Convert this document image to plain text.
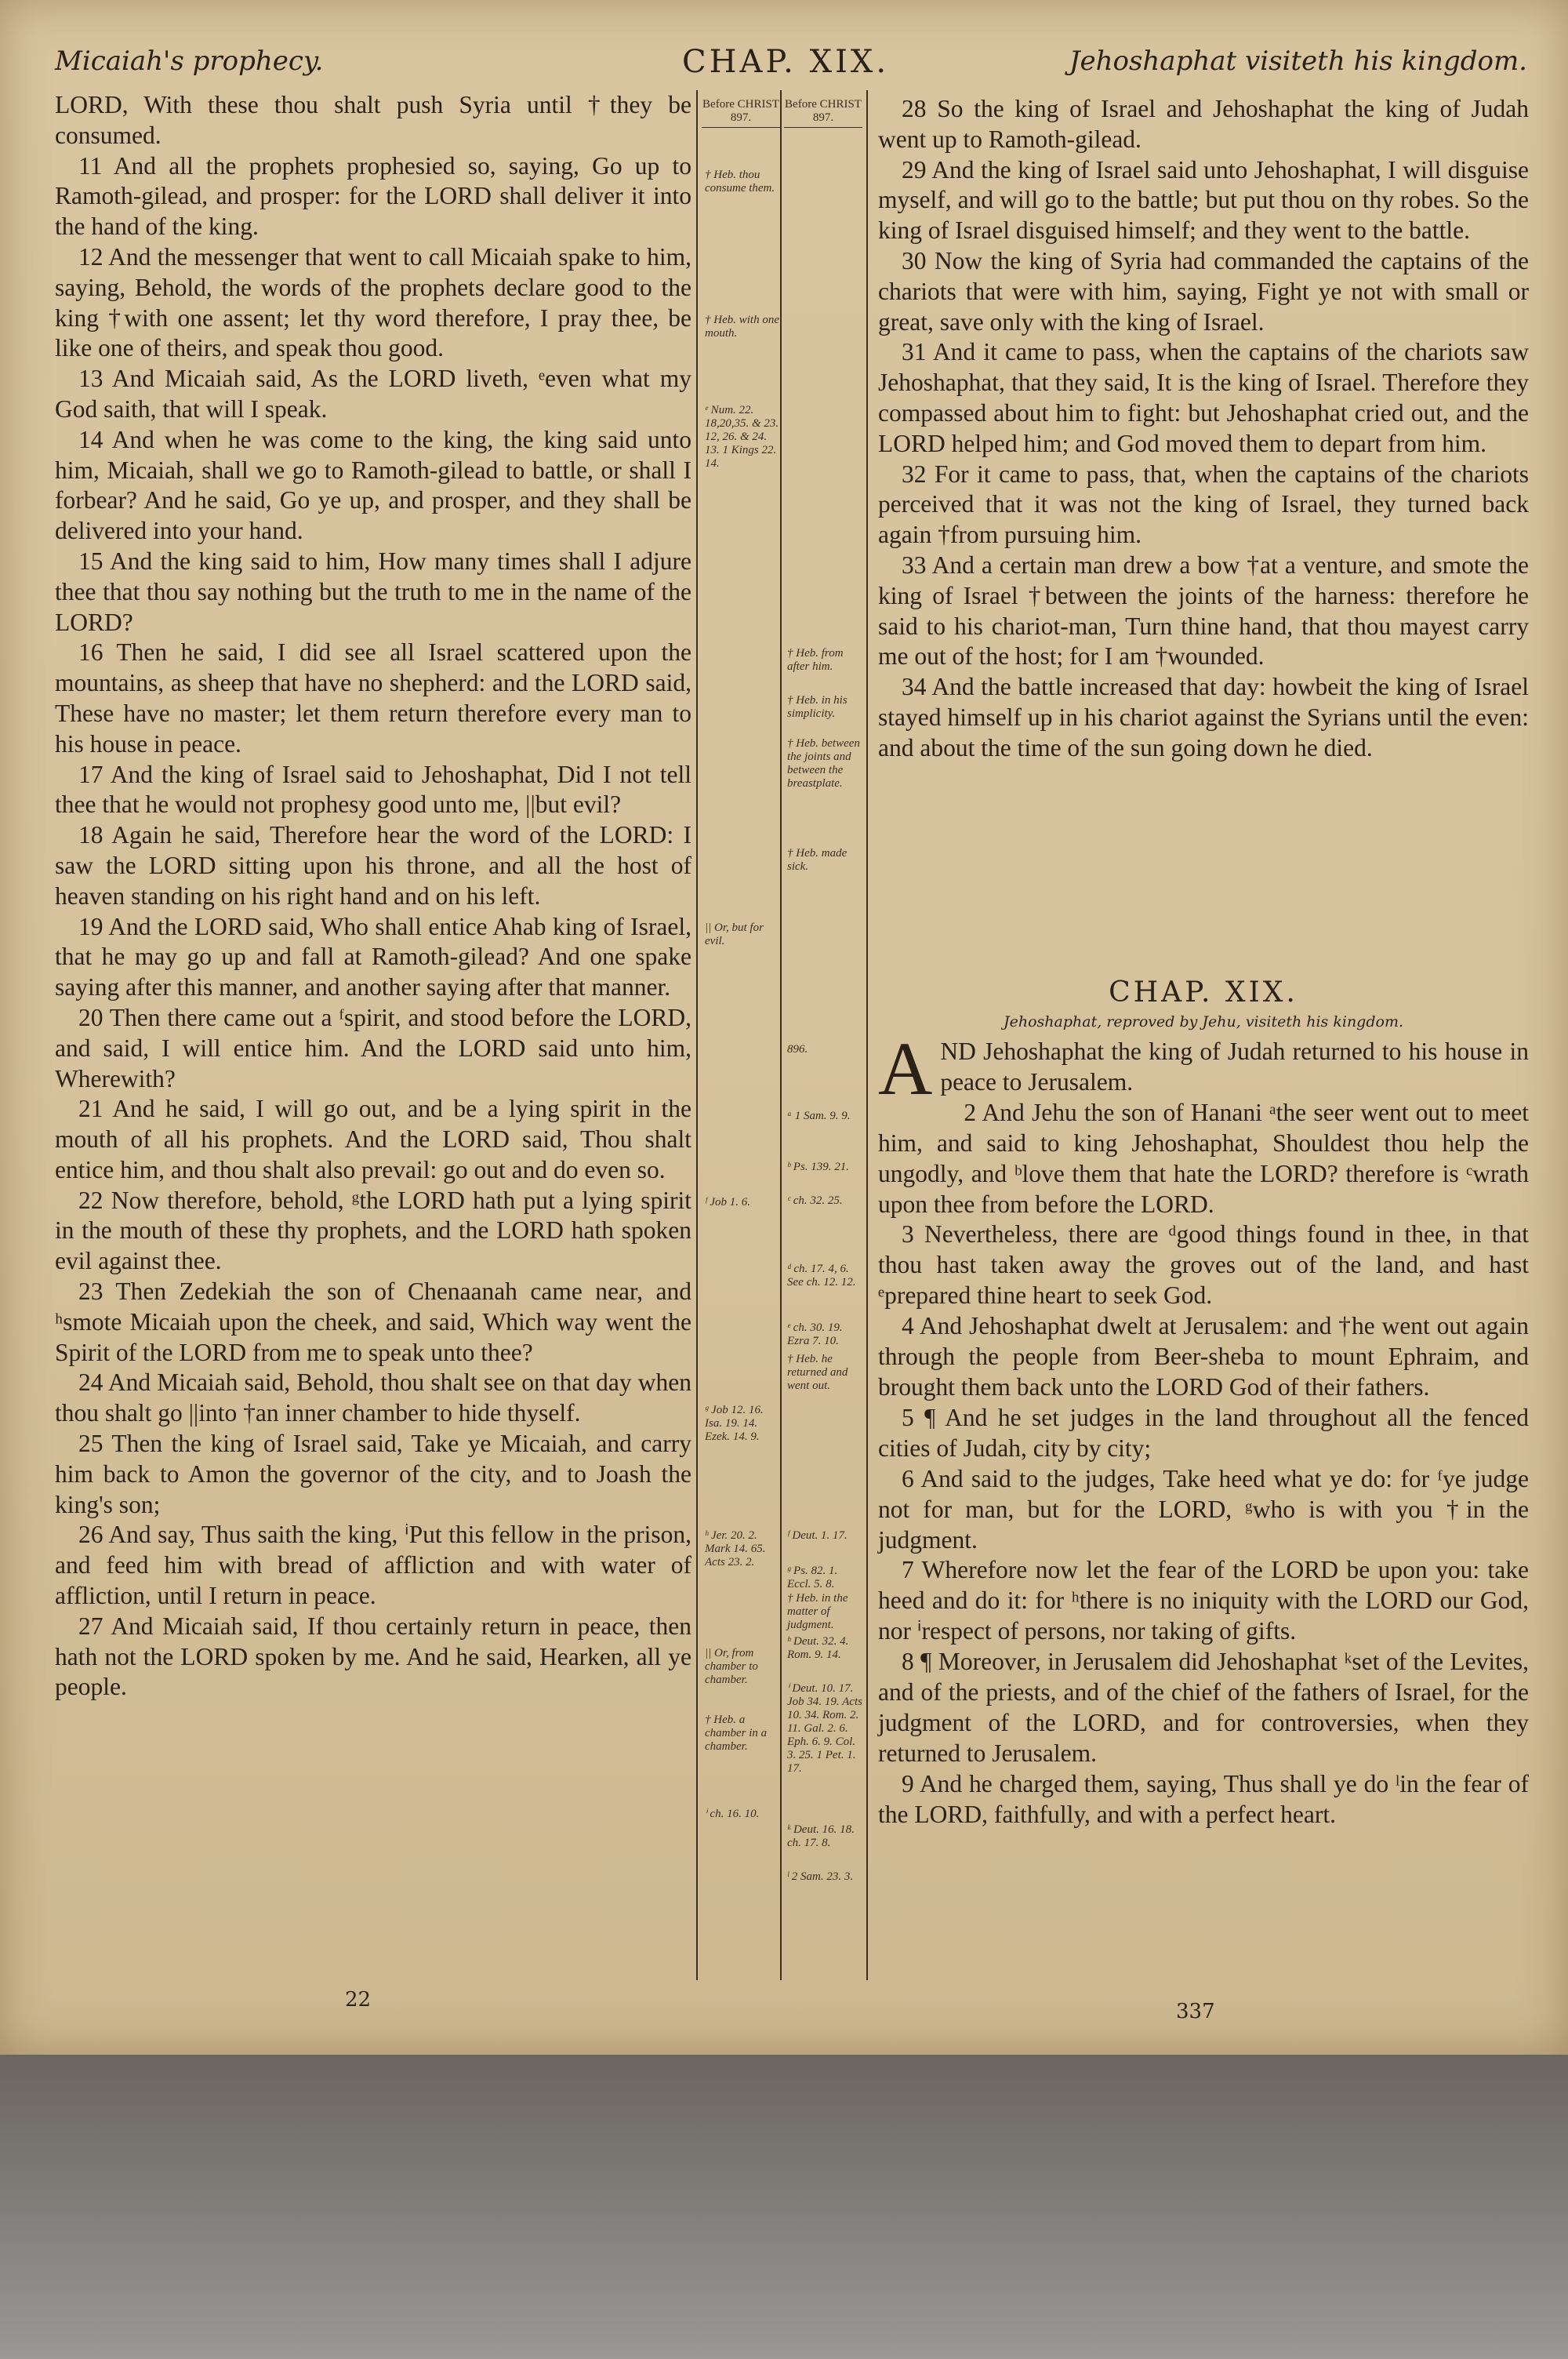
Micaiah's prophecy.	CHAP. XIX.	Jehoshaphat visiteth his kingdom.

LORD, With these thou shalt push Syria until †they be consumed.

11 And all the prophets prophesied so, saying, Go up to Ramoth-gilead, and prosper: for the LORD shall deliver it into the hand of the king.

12 And the messenger that went to call Micaiah spake to him, saying, Behold, the words of the prophets declare good to the king †with one assent; let thy word therefore, I pray thee, be like one of theirs, and speak thou good.

13 And Micaiah said, As the LORD liveth, ᵉeven what my God saith, that will I speak.

14 And when he was come to the king, the king said unto him, Micaiah, shall we go to Ramoth-gilead to battle, or shall I forbear? And he said, Go ye up, and prosper, and they shall be delivered into your hand.

15 And the king said to him, How many times shall I adjure thee that thou say nothing but the truth to me in the name of the LORD?

16 Then he said, I did see all Israel scattered upon the mountains, as sheep that have no shepherd: and the LORD said, These have no master; let them return therefore every man to his house in peace.

17 And the king of Israel said to Jehoshaphat, Did I not tell thee that he would not prophesy good unto me, ||but evil?

18 Again he said, Therefore hear the word of the LORD: I saw the LORD sitting upon his throne, and all the host of heaven standing on his right hand and on his left.

19 And the LORD said, Who shall entice Ahab king of Israel, that he may go up and fall at Ramoth-gilead? And one spake saying after this manner, and another saying after that manner.

20 Then there came out a ᶠspirit, and stood before the LORD, and said, I will entice him. And the LORD said unto him, Wherewith?

21 And he said, I will go out, and be a lying spirit in the mouth of all his prophets. And the LORD said, Thou shalt entice him, and thou shalt also prevail: go out and do even so.

22 Now therefore, behold, ᵍthe LORD hath put a lying spirit in the mouth of these thy prophets, and the LORD hath spoken evil against thee.

23 Then Zedekiah the son of Chenaanah came near, and ʰsmote Micaiah upon the cheek, and said, Which way went the Spirit of the LORD from me to speak unto thee?

24 And Micaiah said, Behold, thou shalt see on that day when thou shalt go ||into †an inner chamber to hide thyself.

25 Then the king of Israel said, Take ye Micaiah, and carry him back to Amon the governor of the city, and to Joash the king's son;

26 And say, Thus saith the king, ⁱPut this fellow in the prison, and feed him with bread of affliction and with water of affliction, until I return in peace.

27 And Micaiah said, If thou certainly return in peace, then hath not the LORD spoken by me. And he said, Hearken, all ye people.

Before CHRIST 897.
† Heb. thou consume them.
† Heb. with one mouth.
ᵉ Num. 22. 18,20,35. & 23. 12, 26. & 24. 13. 1 Kings 22. 14.
|| Or, but for evil.
ᶠ Job 1. 6.
ᵍ Job 12. 16. Isa. 19. 14. Ezek. 14. 9.
ʰ Jer. 20. 2. Mark 14. 65. Acts 23. 2.
|| Or, from chamber to chamber.
† Heb. a chamber in a chamber.
ⁱ ch. 16. 10.
Before CHRIST 897.
† Heb. from after him.
† Heb. in his simplicity.
† Heb. between the joints and between the breastplate.
† Heb. made sick.
896.
ᵃ 1 Sam. 9. 9.
ᵇ Ps. 139. 21.
ᶜ ch. 32. 25.
ᵈ ch. 17. 4, 6. See ch. 12. 12.
ᵉ ch. 30. 19. Ezra 7. 10.
† Heb. he returned and went out.
ᶠ Deut. 1. 17.
ᵍ Ps. 82. 1. Eccl. 5. 8.
† Heb. in the matter of judgment.
ʰ Deut. 32. 4. Rom. 9. 14.
ⁱ Deut. 10. 17. Job 34. 19. Acts 10. 34. Rom. 2. 11. Gal. 2. 6. Eph. 6. 9. Col. 3. 25. 1 Pet. 1. 17.
ᵏ Deut. 16. 18. ch. 17. 8.
ˡ 2 Sam. 23. 3.

28 So the king of Israel and Jehoshaphat the king of Judah went up to Ramoth-gilead.

29 And the king of Israel said unto Jehoshaphat, I will disguise myself, and will go to the battle; but put thou on thy robes. So the king of Israel disguised himself; and they went to the battle.

30 Now the king of Syria had commanded the captains of the chariots that were with him, saying, Fight ye not with small or great, save only with the king of Israel.

31 And it came to pass, when the captains of the chariots saw Jehoshaphat, that they said, It is the king of Israel. Therefore they compassed about him to fight: but Jehoshaphat cried out, and the LORD helped him; and God moved them to depart from him.

32 For it came to pass, that, when the captains of the chariots perceived that it was not the king of Israel, they turned back again †from pursuing him.

33 And a certain man drew a bow †at a venture, and smote the king of Israel †between the joints of the harness: therefore he said to his chariot-man, Turn thine hand, that thou mayest carry me out of the host; for I am †wounded.

34 And the battle increased that day: howbeit the king of Israel stayed himself up in his chariot against the Syrians until the even: and about the time of the sun going down he died.

CHAP. XIX.
Jehoshaphat, reproved by Jehu, visiteth his kingdom.

AND Jehoshaphat the king of Judah returned to his house in peace to Jerusalem.

2 And Jehu the son of Hanani ᵃthe seer went out to meet him, and said to king Jehoshaphat, Shouldest thou help the ungodly, and ᵇlove them that hate the LORD? therefore is ᶜwrath upon thee from before the LORD.

3 Nevertheless, there are ᵈgood things found in thee, in that thou hast taken away the groves out of the land, and hast ᵉprepared thine heart to seek God.

4 And Jehoshaphat dwelt at Jerusalem: and †he went out again through the people from Beer-sheba to mount Ephraim, and brought them back unto the LORD God of their fathers.

5 ¶ And he set judges in the land throughout all the fenced cities of Judah, city by city;

6 And said to the judges, Take heed what ye do: for ᶠye judge not for man, but for the LORD, ᵍwho is with you †in the judgment.

7 Wherefore now let the fear of the LORD be upon you: take heed and do it: for ʰthere is no iniquity with the LORD our God, nor ⁱrespect of persons, nor taking of gifts.

8 ¶ Moreover, in Jerusalem did Jehoshaphat ᵏset of the Levites, and of the priests, and of the chief of the fathers of Israel, for the judgment of the LORD, and for controversies, when they returned to Jerusalem.

9 And he charged them, saying, Thus shall ye do ˡin the fear of the LORD, faithfully, and with a perfect heart.

22	337
